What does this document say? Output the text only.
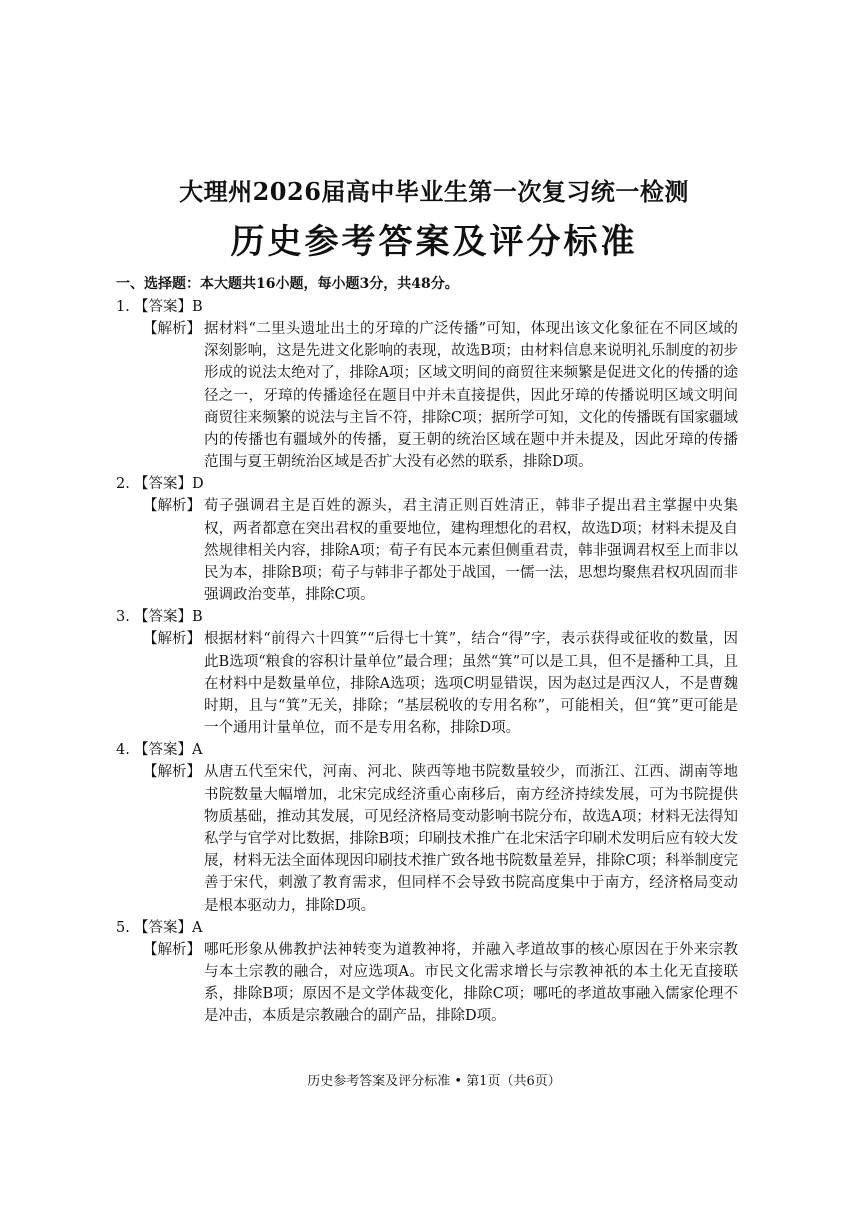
大理州2026届高中毕业生第一次复习统一检测
历史参考答案及评分标准
一、选择题：本大题共16小题，每小题3分，共48分。
1. 【答案】B
【解析】 据材料“二里头遗址出土的牙璋的广泛传播”可知，体现出该文化象征在不同区域的深刻影响，这是先进文化影响的表现，故选B项；由材料信息来说明礼乐制度的初步形成的说法太绝对了，排除A项；区域文明间的商贸往来频繁是促进文化的传播的途径之一，牙璋的传播途径在题目中并未直接提供，因此牙璋的传播说明区域文明间商贸往来频繁的说法与主旨不符，排除C项；据所学可知，文化的传播既有国家疆域内的传播也有疆域外的传播，夏王朝的统治区域在题中并未提及，因此牙璋的传播范围与夏王朝统治区域是否扩大没有必然的联系，排除D项。
2. 【答案】D
【解析】 荀子强调君主是百姓的源头，君主清正则百姓清正，韩非子提出君主掌握中央集权，两者都意在突出君权的重要地位，建构理想化的君权，故选D项；材料未提及自然规律相关内容，排除A项；荀子有民本元素但侧重君责，韩非强调君权至上而非以民为本，排除B项；荀子与韩非子都处于战国，一儒一法，思想均聚焦君权巩固而非强调政治变革，排除C项。
3. 【答案】B
【解析】 根据材料“前得六十四箕”“后得七十箕”，结合“得”字，表示获得或征收的数量，因此B选项“粮食的容积计量单位”最合理；虽然“箕”可以是工具，但不是播种工具，且在材料中是数量单位，排除A选项；选项C明显错误，因为赵过是西汉人，不是曹魏时期，且与“箕”无关，排除；“基层税收的专用名称”，可能相关，但“箕”更可能是一个通用计量单位，而不是专用名称，排除D项。
4. 【答案】A
【解析】 从唐五代至宋代，河南、河北、陕西等地书院数量较少，而浙江、江西、湖南等地书院数量大幅增加，北宋完成经济重心南移后，南方经济持续发展，可为书院提供物质基础，推动其发展，可见经济格局变动影响书院分布，故选A项；材料无法得知私学与官学对比数据，排除B项；印刷技术推广在北宋活字印刷术发明后应有较大发展，材料无法全面体现因印刷技术推广致各地书院数量差异，排除C项；科举制度完善于宋代，刺激了教育需求，但同样不会导致书院高度集中于南方，经济格局变动是根本驱动力，排除D项。
5. 【答案】A
【解析】 哪吒形象从佛教护法神转变为道教神将，并融入孝道故事的核心原因在于外来宗教与本土宗教的融合，对应选项A。市民文化需求增长与宗教神祇的本土化无直接联系，排除B项；原因不是文学体裁变化，排除C项；哪吒的孝道故事融入儒家伦理不是冲击，本质是宗教融合的副产品，排除D项。
历史参考答案及评分标准 • 第1页（共6页）
